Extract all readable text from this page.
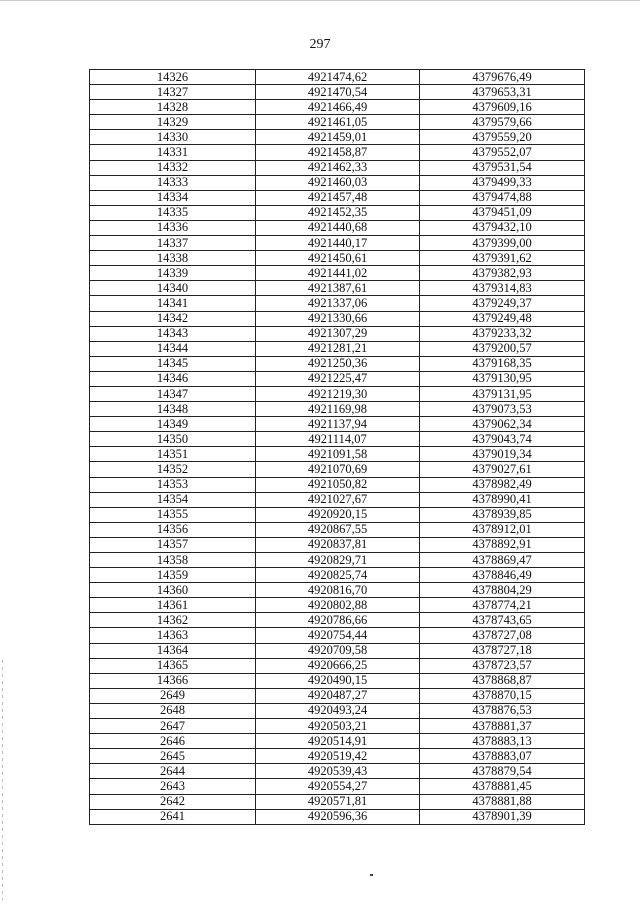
297
14326	4921474,62	4379676,49
14327	4921470,54	4379653,31
14328	4921466,49	4379609,16
14329	4921461,05	4379579,66
14330	4921459,01	4379559,20
14331	4921458,87	4379552,07
14332	4921462,33	4379531,54
14333	4921460,03	4379499,33
14334	4921457,48	4379474,88
14335	4921452,35	4379451,09
14336	4921440,68	4379432,10
14337	4921440,17	4379399,00
14338	4921450,61	4379391,62
14339	4921441,02	4379382,93
14340	4921387,61	4379314,83
14341	4921337,06	4379249,37
14342	4921330,66	4379249,48
14343	4921307,29	4379233,32
14344	4921281,21	4379200,57
14345	4921250,36	4379168,35
14346	4921225,47	4379130,95
14347	4921219,30	4379131,95
14348	4921169,98	4379073,53
14349	4921137,94	4379062,34
14350	4921114,07	4379043,74
14351	4921091,58	4379019,34
14352	4921070,69	4379027,61
14353	4921050,82	4378982,49
14354	4921027,67	4378990,41
14355	4920920,15	4378939,85
14356	4920867,55	4378912,01
14357	4920837,81	4378892,91
14358	4920829,71	4378869,47
14359	4920825,74	4378846,49
14360	4920816,70	4378804,29
14361	4920802,88	4378774,21
14362	4920786,66	4378743,65
14363	4920754,44	4378727,08
14364	4920709,58	4378727,18
14365	4920666,25	4378723,57
14366	4920490,15	4378868,87
2649	4920487,27	4378870,15
2648	4920493,24	4378876,53
2647	4920503,21	4378881,37
2646	4920514,91	4378883,13
2645	4920519,42	4378883,07
2644	4920539,43	4378879,54
2643	4920554,27	4378881,45
2642	4920571,81	4378881,88
2641	4920596,36	4378901,39
